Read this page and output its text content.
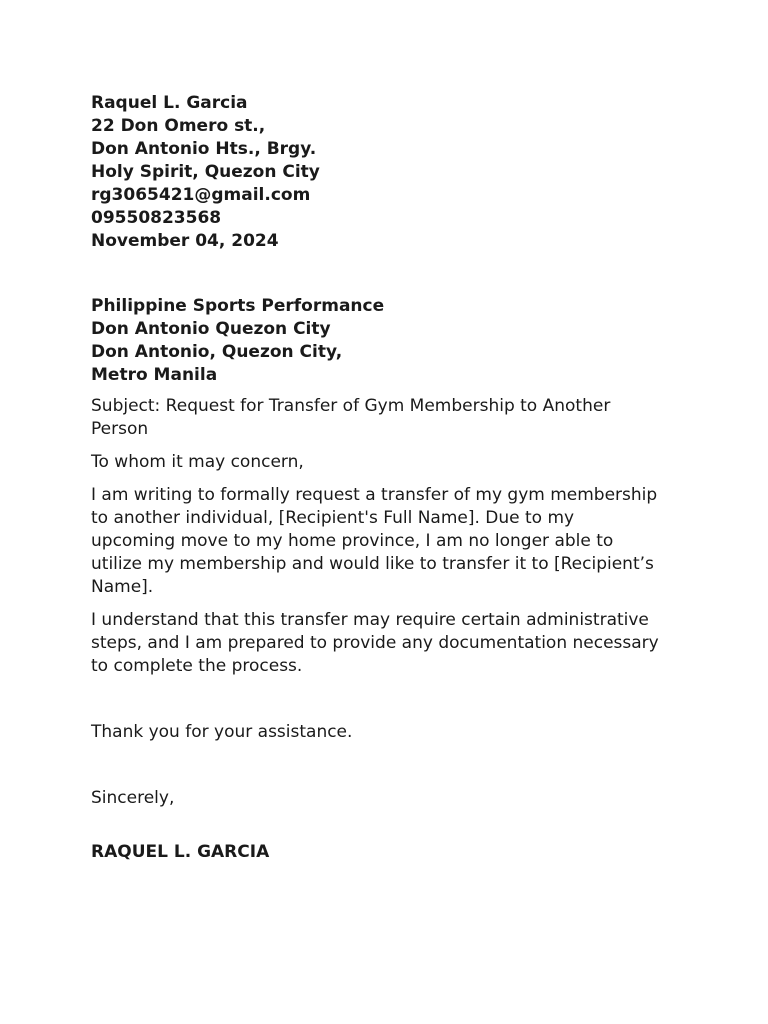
Raquel L. Garcia
22 Don Omero st.,
Don Antonio Hts., Brgy.
Holy Spirit, Quezon City
rg3065421@gmail.com
09550823568
November 04, 2024
Philippine Sports Performance
Don Antonio Quezon City
Don Antonio, Quezon City,
Metro Manila
Subject: Request for Transfer of Gym Membership to Another
Person
To whom it may concern,
I am writing to formally request a transfer of my gym membership
to another individual, [Recipient's Full Name]. Due to my
upcoming move to my home province, I am no longer able to
utilize my membership and would like to transfer it to [Recipient’s
Name].
I understand that this transfer may require certain administrative
steps, and I am prepared to provide any documentation necessary
to complete the process.
Thank you for your assistance.
Sincerely,
RAQUEL L. GARCIA
